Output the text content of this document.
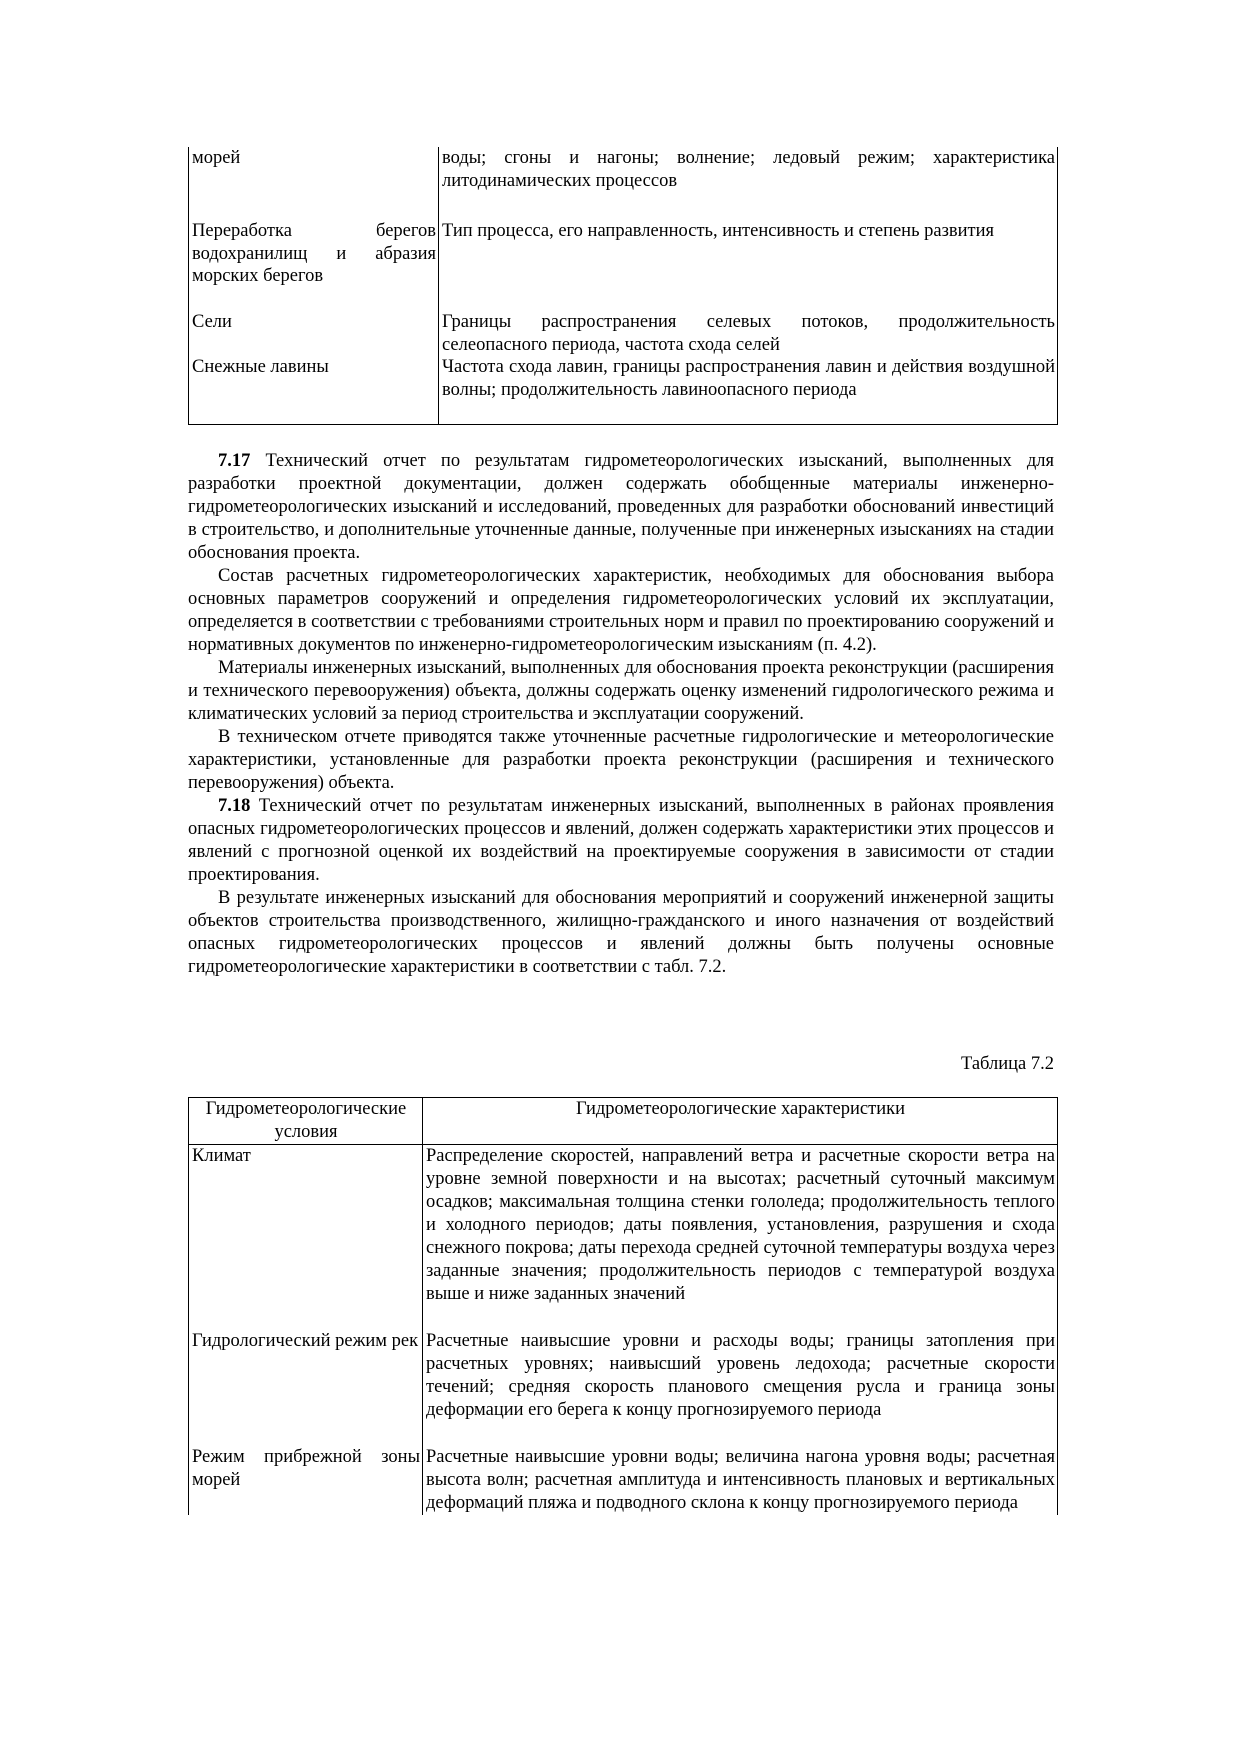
морей	воды; сгоны и нагоны; волнение; ледовый режим; характеристика литодинамических процессов
Переработка берегов водохранилищ и абразия морских берегов	Тип процесса, его направленность, интенсивность и степень развития
Сели	Границы распространения селевых потоков, продолжительность селеопасного периода, частота схода селей
Снежные лавины	Частота схода лавин, границы распространения лавин и действия воздушной волны; продолжительность лавиноопасного периода

7.17 Технический отчет по результатам гидрометеорологических изысканий, выполненных для разработки проектной документации, должен содержать обобщенные материалы инженерно-гидрометеорологических изысканий и исследований, проведенных для разработки обоснований инвестиций в строительство, и дополнительные уточненные данные, полученные при инженерных изысканиях на стадии обоснования проекта.

Состав расчетных гидрометеорологических характеристик, необходимых для обоснования выбора основных параметров сооружений и определения гидрометеорологических условий их эксплуатации, определяется в соответствии с требованиями строительных норм и правил по проектированию сооружений и нормативных документов по инженерно-гидрометеорологическим изысканиям (п. 4.2).

Материалы инженерных изысканий, выполненных для обоснования проекта реконструкции (расширения и технического перевооружения) объекта, должны содержать оценку изменений гидрологического режима и климатических условий за период строительства и эксплуатации сооружений.

В техническом отчете приводятся также уточненные расчетные гидрологические и метеорологические характеристики, установленные для разработки проекта реконструкции (расширения и технического перевооружения) объекта.

7.18 Технический отчет по результатам инженерных изысканий, выполненных в районах проявления опасных гидрометеорологических процессов и явлений, должен содержать характеристики этих процессов и явлений с прогнозной оценкой их воздействий на проектируемые сооружения в зависимости от стадии проектирования.

В результате инженерных изысканий для обоснования мероприятий и сооружений инженерной защиты объектов строительства производственного, жилищно-гражданского и иного назначения от воздействий опасных гидрометеорологических процессов и явлений должны быть получены основные гидрометеорологические характеристики в соответствии с табл. 7.2.

Таблица 7.2
Гидрометеорологические условия	Гидрометеорологические характеристики
Климат	Распределение скоростей, направлений ветра и расчетные скорости ветра на уровне земной поверхности и на высотах; расчетный суточный максимум осадков; максимальная толщина стенки гололеда; продолжительность теплого и холодного периодов; даты появления, установления, разрушения и схода снежного покрова; даты перехода средней суточной температуры воздуха через заданные значения; продолжительность периодов с температурой воздуха выше и ниже заданных значений

Гидрологический режим рек	Расчетные наивысшие уровни и расходы воды; границы затопления при расчетных уровнях; наивысший уровень ледохода; расчетные скорости течений; средняя скорость планового смещения русла и граница зоны деформации его берега к концу прогнозируемого периода

Режим прибрежной зоны морей	Расчетные наивысшие уровни воды; величина нагона уровня воды; расчетная высота волн; расчетная амплитуда и интенсивность плановых и вертикальных деформаций пляжа и подводного склона к концу прогнозируемого периода
